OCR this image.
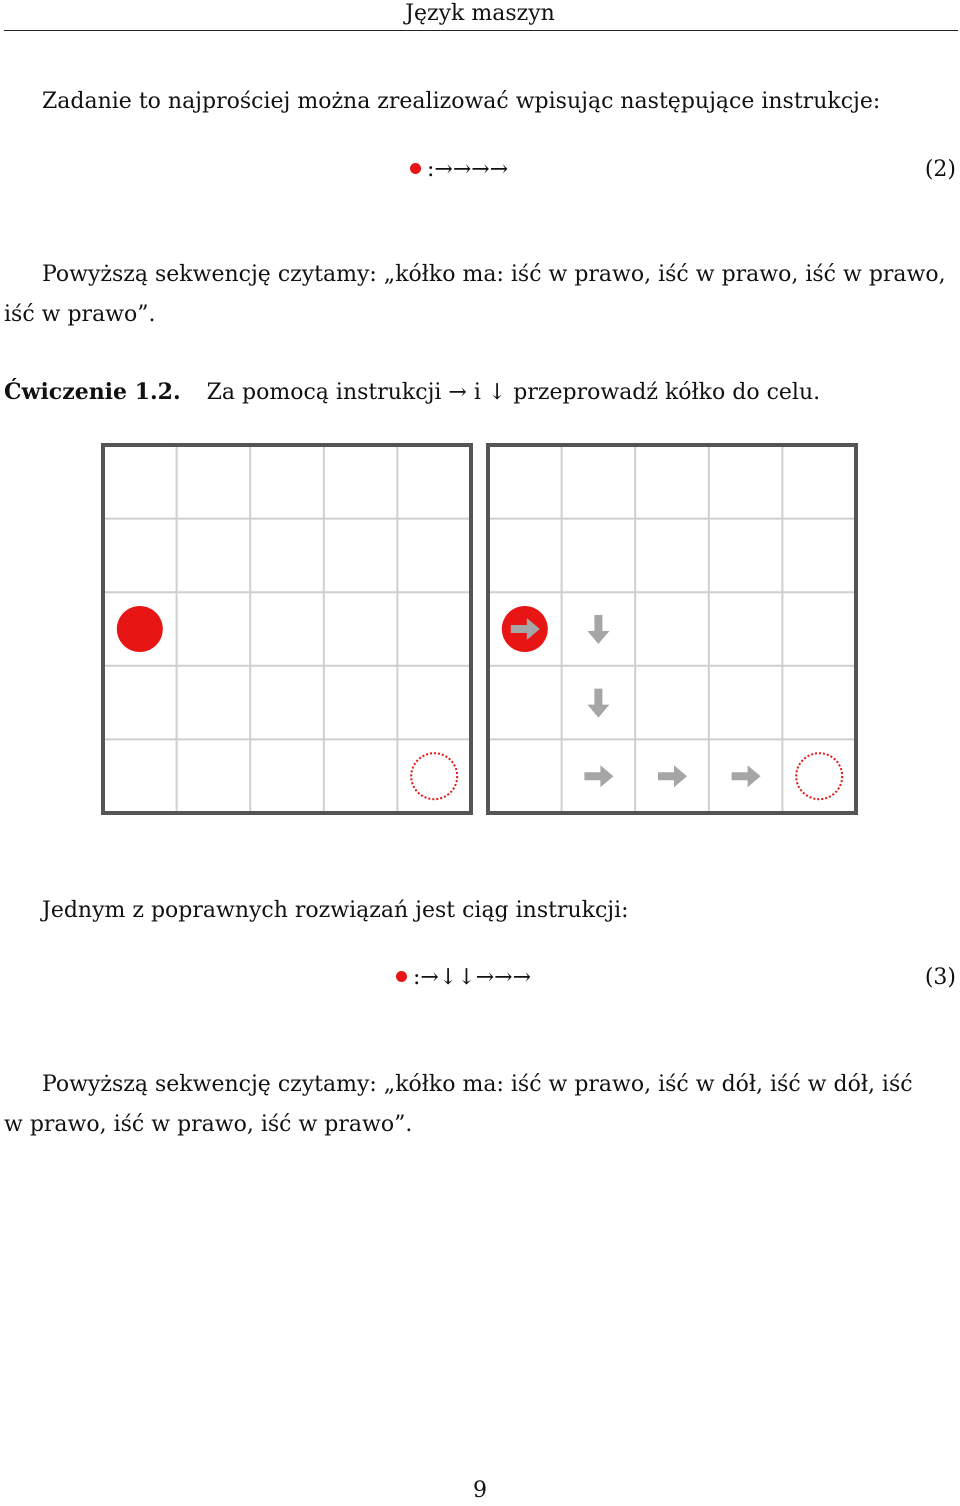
Język maszyn
Zadanie to najprościej można zrealizować wpisując następujące instrukcje:
:→→→→	(2)
Powyższą sekwencję czytamy: „kółko ma: iść w prawo, iść w prawo, iść w prawo,
iść w prawo”.
Ćwiczenie 1.2. Za pomocą instrukcji → i ↓ przeprowadź kółko do celu.
Jednym z poprawnych rozwiązań jest ciąg instrukcji:
:→↓↓→→→	(3)
Powyższą sekwencję czytamy: „kółko ma: iść w prawo, iść w dół, iść w dół, iść
w prawo, iść w prawo, iść w prawo”.
9
